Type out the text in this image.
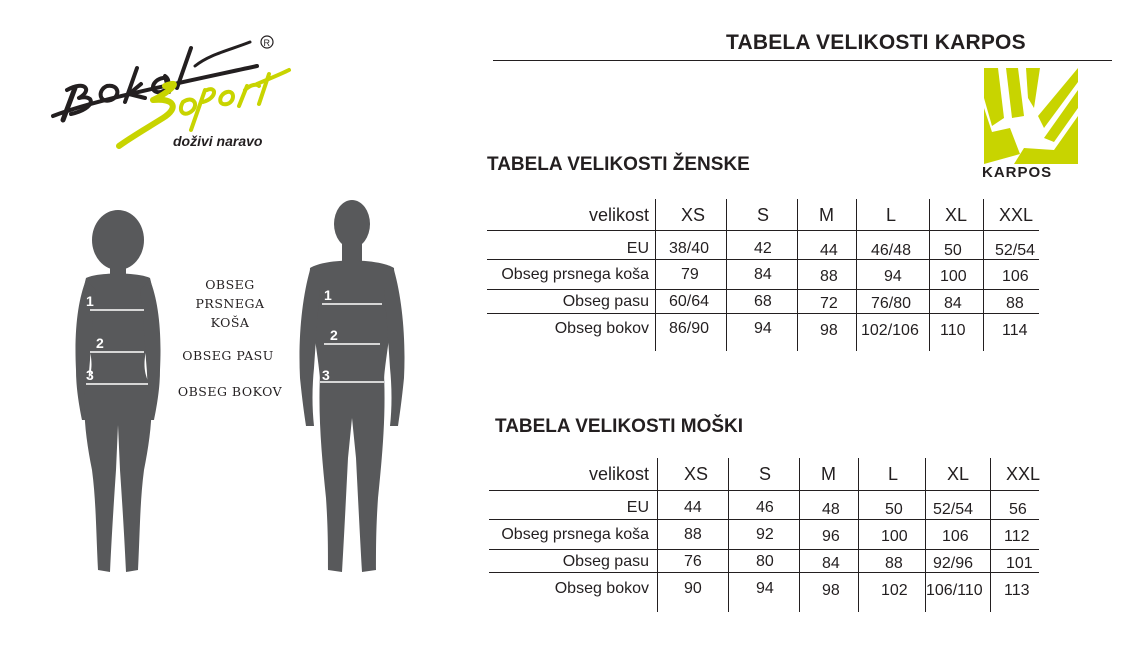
TABELA VELIKOSTI KARPOS
R
doživi naravo
KARPOS
1
2
3
1
2
3
OBSEG PRSNEGA KOŠA
OBSEG PASU
OBSEG BOKOV
TABELA VELIKOSTI ŽENSKE
velikost XS	S	M	L	XL XXL
EU 38/40	42	44 46/48 50 52/54
Obseg prsnega koša 79	84	88	94 100 106
Obseg pasu 60/64	68	72 76/80 84	88
Obseg bokov 86/90	94	98 102/106 110 114
TABELA VELIKOSTI MOŠKI
velikost XS	S	M	L	XL XXL
EU 44	46	48	50 52/54 56
Obseg prsnega koša 88	92	96	100 106 112
Obseg pasu 76	80	84	88 92/96 101
Obseg bokov 90	94	98	102 106/110 113
